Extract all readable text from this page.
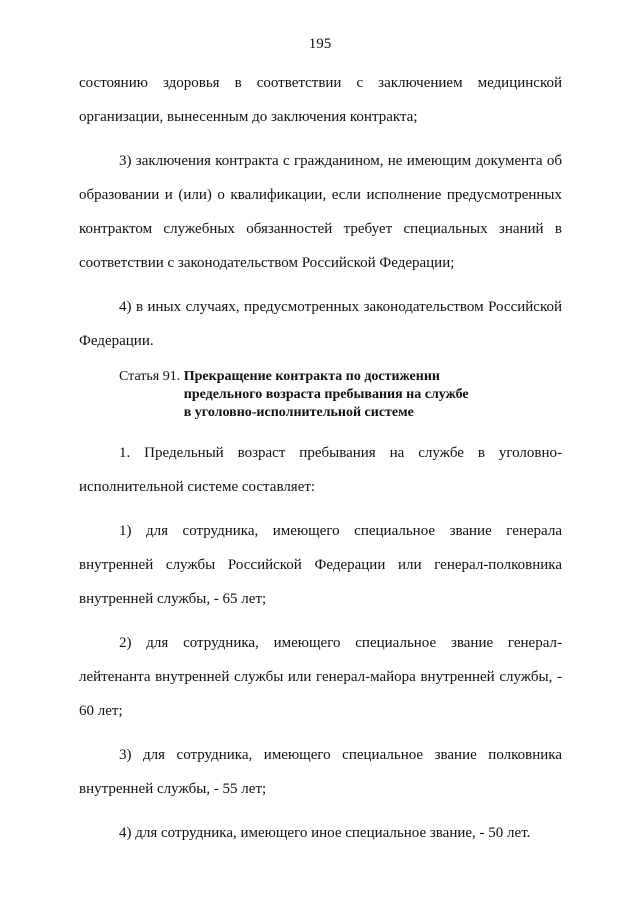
195

состоянию здоровья в соответствии с заключением медицинской организации, вынесенным до заключения контракта;

3) заключения контракта с гражданином, не имеющим документа об образовании и (или) о квалификации, если исполнение предусмотренных контрактом служебных обязанностей требует специальных знаний в соответствии с законодательством Российской Федерации;

4) в иных случаях, предусмотренных законодательством Российской Федерации.

Статья 91. Прекращение контракта по достижении
предельного возраста пребывания на службе
в уголовно-исполнительной системе

1. Предельный возраст пребывания на службе в уголовно-исполнительной системе составляет:

1) для сотрудника, имеющего специальное звание генерала внутренней службы Российской Федерации или генерал-полковника внутренней службы, - 65 лет;

2) для сотрудника, имеющего специальное звание генерал-лейтенанта внутренней службы или генерал-майора внутренней службы, - 60 лет;

3) для сотрудника, имеющего специальное звание полковника внутренней службы, - 55 лет;

4) для сотрудника, имеющего иное специальное звание, - 50 лет.
